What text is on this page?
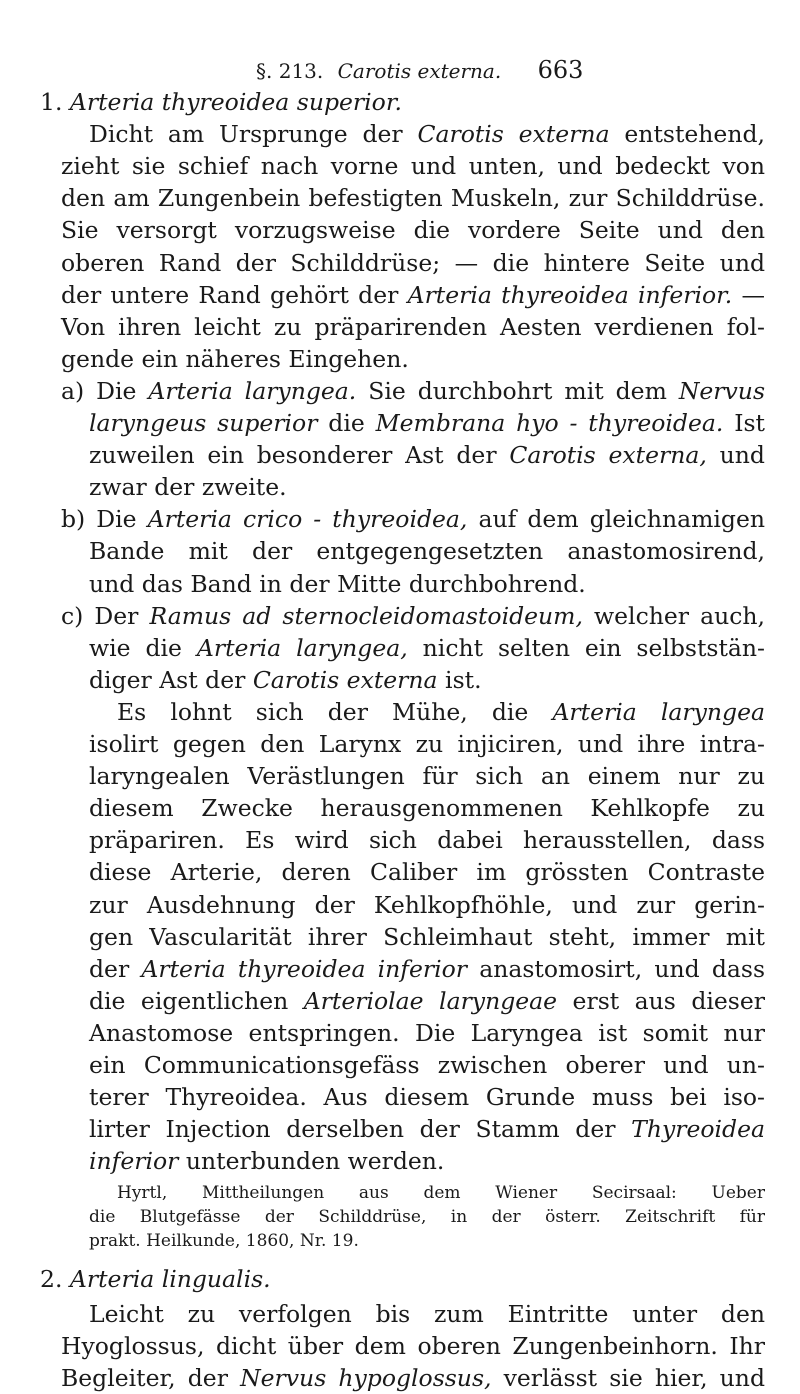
§. 213. Carotis externa. 663
1. Arteria thyreoidea superior.
Dicht am Ursprunge der Carotis externa entstehend,
zieht sie schief nach vorne und unten, und bedeckt von
den am Zungenbein befestigten Muskeln, zur Schilddrüse.
Sie versorgt vorzugsweise die vordere Seite und den
oberen Rand der Schilddrüse; — die hintere Seite und
der untere Rand gehört der Arteria thyreoidea inferior. —
Von ihren leicht zu präparirenden Aesten verdienen fol-
gende ein näheres Eingehen.
a) Die Arteria laryngea. Sie durchbohrt mit dem Nervus
laryngeus superior die Membrana hyo - thyreoidea. Ist
zuweilen ein besonderer Ast der Carotis externa, und
zwar der zweite.
b) Die Arteria crico - thyreoidea, auf dem gleichnamigen
Bande mit der entgegengesetzten anastomosirend,
und das Band in der Mitte durchbohrend.
c) Der Ramus ad sternocleidomastoideum, welcher auch,
wie die Arteria laryngea, nicht selten ein selbststän-
diger Ast der Carotis externa ist.
Es lohnt sich der Mühe, die Arteria laryngea
isolirt gegen den Larynx zu injiciren, und ihre intra-
laryngealen Verästlungen für sich an einem nur zu
diesem Zwecke herausgenommenen Kehlkopfe zu
präpariren. Es wird sich dabei herausstellen, dass
diese Arterie, deren Caliber im grössten Contraste
zur Ausdehnung der Kehlkopfhöhle, und zur gerin-
gen Vascularität ihrer Schleimhaut steht, immer mit
der Arteria thyreoidea inferior anastomosirt, und dass
die eigentlichen Arteriolae laryngeae erst aus dieser
Anastomose entspringen. Die Laryngea ist somit nur
ein Communicationsgefäss zwischen oberer und un-
terer Thyreoidea. Aus diesem Grunde muss bei iso-
lirter Injection derselben der Stamm der Thyreoidea
inferior unterbunden werden.
Hyrtl, Mittheilungen aus dem Wiener Secirsaal: Ueber
die Blutgefässe der Schilddrüse, in der österr. Zeitschrift für
prakt. Heilkunde, 1860, Nr. 19.
2. Arteria lingualis.
Leicht zu verfolgen bis zum Eintritte unter den
Hyoglossus, dicht über dem oberen Zungenbeinhorn. Ihr
Begleiter, der Nervus hypoglossus, verlässt sie hier, und
